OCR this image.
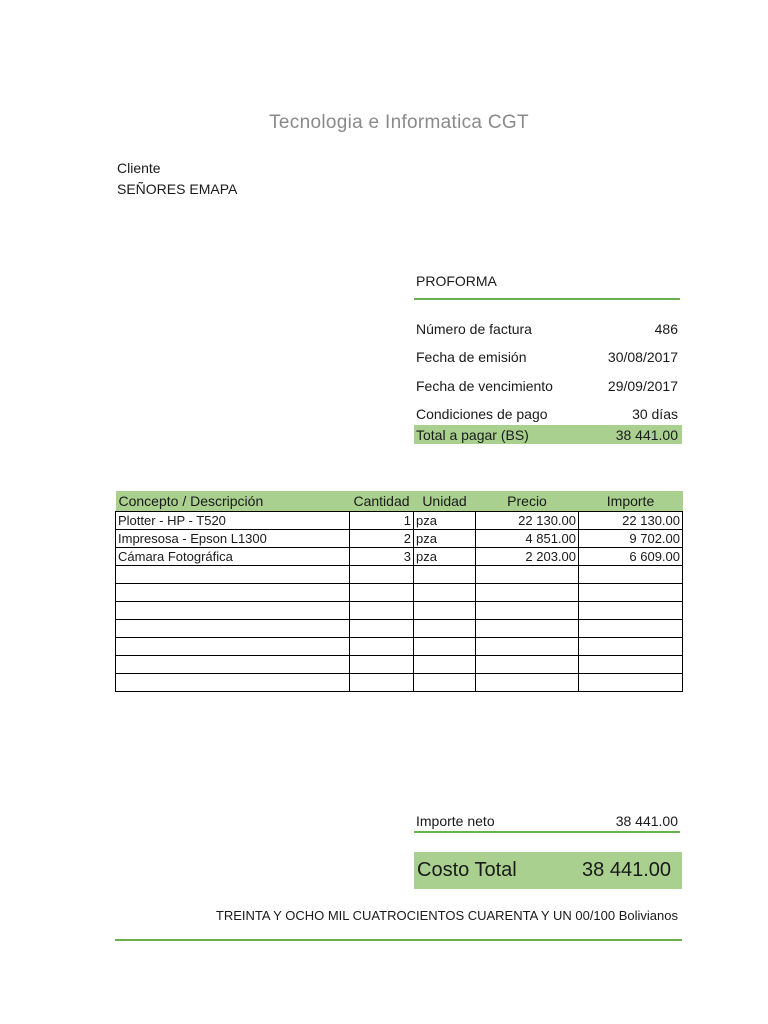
Tecnologia e Informatica CGT
Cliente
SEÑORES EMAPA
PROFORMA
Número de factura	486
Fecha de emisión	30/08/2017
Fecha de vencimiento	29/09/2017
Condiciones de pago	30 días
Total a pagar (BS)	38 441.00
Concepto / Descripción	Cantidad	Unidad	Precio	Importe
Plotter - HP - T520	1	pza	22 130.00	22 130.00
Impresosa - Epson L1300	2	pza	4 851.00	9 702.00
Cámara Fotográfica	3	pza	2 203.00	6 609.00

Importe neto	38 441.00
Costo Total	38 441.00
TREINTA Y OCHO MIL CUATROCIENTOS CUARENTA Y UN 00/100 Bolivianos
